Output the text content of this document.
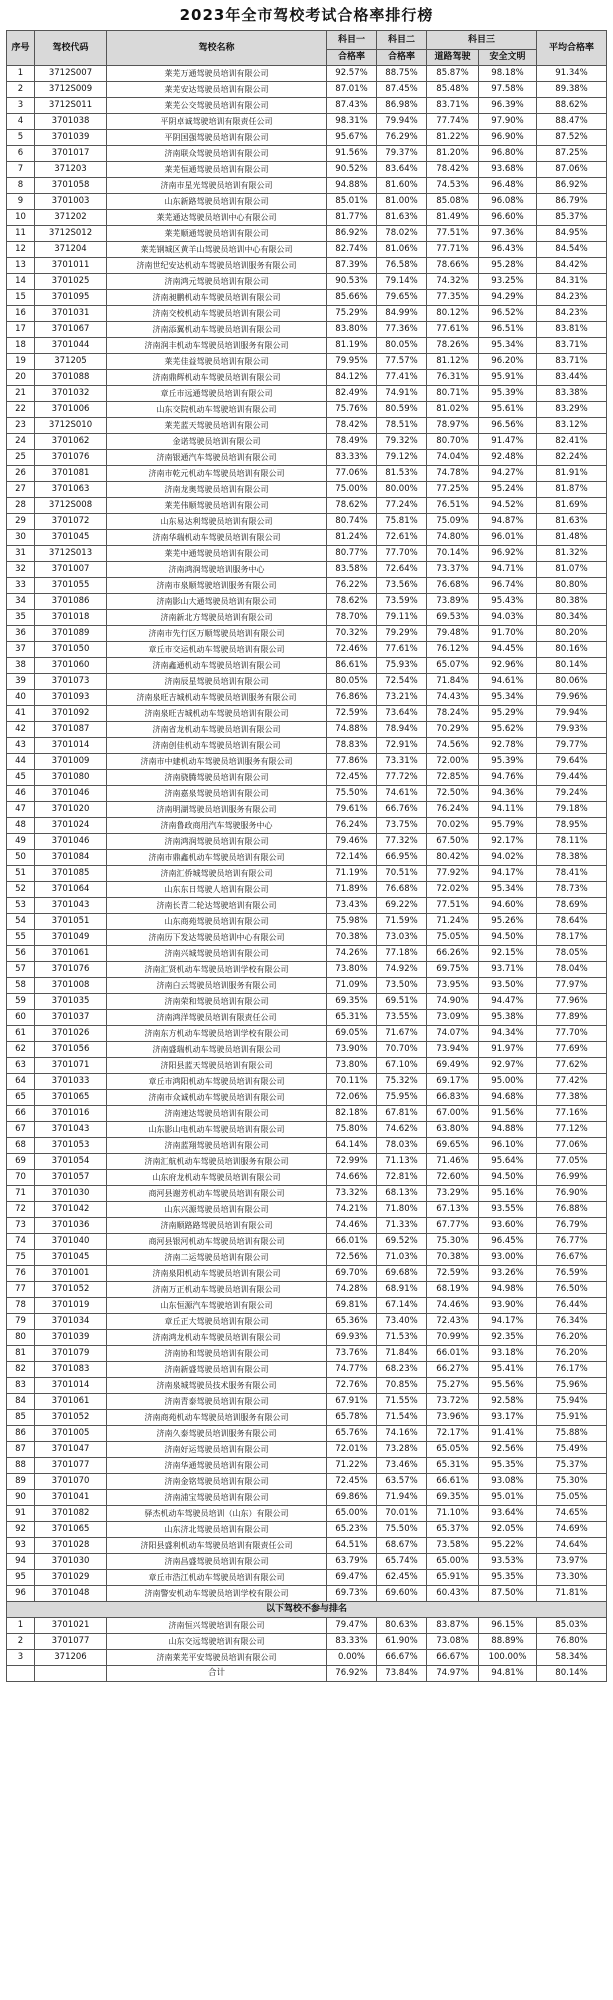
2023年全市驾校考试合格率排行榜
序号	驾校代码	驾校名称	科目一	科目二	科目三		平均合格率
			合格率	合格率	道路驾驶	安全文明	
1	3712S007	莱芜万通驾驶员培训有限公司	92.57%	88.75%	85.87%	98.18%	91.34%
2	3712S009	莱芜安达驾驶员培训有限公司	87.01%	87.45%	85.48%	97.58%	89.38%
3	3712S011	莱芜公交驾驶员培训有限公司	87.43%	86.98%	83.71%	96.39%	88.62%
4	3701038	平阴卓诚驾驶培训有限责任公司	98.31%	79.94%	77.74%	97.90%	88.47%
5	3701039	平阴国强驾驶员培训有限公司	95.67%	76.29%	81.22%	96.90%	87.52%
6	3701017	济南联众驾驶员培训有限公司	91.56%	79.37%	81.20%	96.80%	87.25%
7	371203	莱芜恒通驾驶员培训有限公司	90.52%	83.64%	78.42%	93.68%	87.06%
8	3701058	济南市星光驾驶员培训有限公司	94.88%	81.60%	74.53%	96.48%	86.92%
9	3701003	山东新路驾驶员培训有限公司	85.01%	81.00%	85.08%	96.08%	86.79%
10	371202	莱芜通达驾驶员培训中心有限公司	81.77%	81.63%	81.49%	96.60%	85.37%
11	3712S012	莱芜顺通驾驶员培训有限公司	86.92%	78.02%	77.51%	97.36%	84.95%
12	371204	莱芜钢城区黄羊山驾驶员培训中心有限公司	82.74%	81.06%	77.71%	96.43%	84.54%
13	3701011	济南世纪安达机动车驾驶员培训服务有限公司	87.39%	76.58%	78.66%	95.28%	84.42%
14	3701025	济南鸿元驾驶员培训有限公司	90.53%	79.14%	74.32%	93.25%	84.31%
15	3701095	济南昶鹏机动车驾驶员培训有限公司	85.66%	79.65%	77.35%	94.29%	84.23%
16	3701031	济南交校机动车驾驶员培训有限公司	75.29%	84.99%	80.12%	96.52%	84.23%
17	3701067	济南添翼机动车驾驶员培训有限公司	83.80%	77.36%	77.61%	96.51%	83.81%
18	3701044	济南润丰机动车驾驶员培训服务有限公司	81.19%	80.05%	78.26%	95.34%	83.71%
19	371205	莱芜佳益驾驶员培训有限公司	79.95%	77.57%	81.12%	96.20%	83.71%
20	3701088	济南鼎辉机动车驾驶员培训有限公司	84.12%	77.41%	76.31%	95.91%	83.44%
21	3701032	章丘市远通驾驶员培训有限公司	82.49%	74.91%	80.71%	95.39%	83.38%
22	3701006	山东交院机动车驾驶培训有限公司	75.76%	80.59%	81.02%	95.61%	83.29%
23	3712S010	莱芜蓝天驾驶员培训有限公司	78.42%	78.51%	78.97%	96.56%	83.12%
24	3701062	金诺驾驶员培训有限公司	78.49%	79.32%	80.70%	91.47%	82.41%
25	3701076	济南银通汽车驾驶员培训有限公司	83.33%	79.12%	74.04%	92.48%	82.24%
26	3701081	济南市乾元机动车驾驶员培训有限公司	77.06%	81.53%	74.78%	94.27%	81.91%
27	3701063	济南龙奥驾驶员培训有限公司	75.00%	80.00%	77.25%	95.24%	81.87%
28	3712S008	莱芜伟顺驾驶员培训有限公司	78.62%	77.24%	76.51%	94.52%	81.69%
29	3701072	山东易达利驾驶员培训有限公司	80.74%	75.81%	75.09%	94.87%	81.63%
30	3701045	济南华瑞机动车驾驶员培训有限公司	81.24%	72.61%	74.80%	96.01%	81.48%
31	3712S013	莱芜中通驾驶员培训有限公司	80.77%	77.70%	70.14%	96.92%	81.32%
32	3701007	济南鸿润驾驶培训服务中心	83.58%	72.64%	73.37%	94.71%	81.07%
33	3701055	济南市泉顺驾驶培训服务有限公司	76.22%	73.56%	76.68%	96.74%	80.80%
34	3701086	济南影山大通驾驶员培训有限公司	78.62%	73.59%	73.89%	95.43%	80.38%
35	3701018	济南新北方驾驶员培训有限公司	78.70%	79.11%	69.53%	94.03%	80.34%
36	3701089	济南市先行区万顺驾驶员培训有限公司	70.32%	79.29%	79.48%	91.70%	80.20%
37	3701050	章丘市交运机动车驾驶员培训有限公司	72.46%	77.61%	76.12%	94.45%	80.16%
38	3701060	济南鑫通机动车驾驶员培训有限公司	86.61%	75.93%	65.07%	92.96%	80.14%
39	3701073	济南辰星驾驶员培训有限公司	80.05%	72.54%	71.84%	94.61%	80.06%
40	3701093	济南泉旺吉城机动车驾驶员培训服务有限公司	76.86%	73.21%	74.43%	95.34%	79.96%
41	3701092	济南泉旺吉城机动车驾驶员培训有限公司	72.59%	73.64%	78.24%	95.29%	79.94%
42	3701087	济南省龙机动车驾驶员培训有限公司	74.88%	78.94%	70.29%	95.62%	79.93%
43	3701014	济南创佳机动车驾驶员培训有限公司	78.83%	72.91%	74.56%	92.78%	79.77%
44	3701009	济南市中建机动车驾驶员培训服务有限公司	77.86%	73.31%	72.00%	95.39%	79.64%
45	3701080	济南骁腾驾驶员培训有限公司	72.45%	77.72%	72.85%	94.76%	79.44%
46	3701046	济南嘉泉驾驶员培训有限公司	75.50%	74.61%	72.50%	94.36%	79.24%
47	3701020	济南明湖驾驶员培训服务有限公司	79.61%	66.76%	76.24%	94.11%	79.18%
48	3701024	济南鲁政商用汽车驾驶服务中心	76.24%	73.75%	70.02%	95.79%	78.95%
49	3701046	济南鸿润驾驶员培训有限公司	79.46%	77.32%	67.50%	92.17%	78.11%
50	3701084	济南市鼎鑫机动车驾驶员培训有限公司	72.14%	66.95%	80.42%	94.02%	78.38%
51	3701085	济南汇侨城驾驶员培训有限公司	71.19%	70.51%	77.92%	94.17%	78.41%
52	3701064	山东东日驾驶人培训有限公司	71.89%	76.68%	72.02%	95.34%	78.73%
53	3701043	济南长青二轮达驾驶培训有限公司	73.43%	69.22%	77.51%	94.60%	78.69%
54	3701051	山东商苑驾驶员培训有限公司	75.98%	71.59%	71.24%	95.26%	78.64%
55	3701049	济南历下发达驾驶员培训中心有限公司	70.38%	73.03%	75.05%	94.50%	78.17%
56	3701061	济南兴城驾驶员培训有限公司	74.26%	77.18%	66.26%	92.15%	78.05%
57	3701076	济南汇贤机动车驾驶员培训学校有限公司	73.80%	74.92%	69.75%	93.71%	78.04%
58	3701008	济南白云驾驶员培训服务有限公司	71.09%	73.50%	73.95%	93.50%	77.97%
59	3701035	济南荣和驾驶员培训有限公司	69.35%	69.51%	74.90%	94.47%	77.96%
60	3701037	济南鸿洋驾驶员培训有限责任公司	65.31%	73.55%	73.09%	95.38%	77.89%
61	3701026	济南东方机动车驾驶员培训学校有限公司	69.05%	71.67%	74.07%	94.34%	77.70%
62	3701056	济南盛瑞机动车驾驶员培训有限公司	73.90%	70.70%	73.94%	91.97%	77.69%
63	3701071	济阳县蓝天驾驶员培训有限公司	73.80%	67.10%	69.49%	92.97%	77.62%
64	3701033	章丘市鸿阳机动车驾驶员培训有限公司	70.11%	75.32%	69.17%	95.00%	77.42%
65	3701065	济南市众诚机动车驾驶员培训有限公司	72.06%	75.95%	66.83%	94.68%	77.38%
66	3701016	济南速达驾驶员培训有限公司	82.18%	67.81%	67.00%	91.56%	77.16%
67	3701043	山东影山电机动车驾驶员培训有限公司	75.80%	74.62%	63.80%	94.88%	77.12%
68	3701053	济南蓝翔驾驶员培训有限公司	64.14%	78.03%	69.65%	96.10%	77.06%
69	3701054	济南汇航机动车驾驶员培训服务有限公司	72.99%	71.13%	71.46%	95.64%	77.05%
70	3701057	山东府龙机动车驾驶员培训有限公司	74.66%	72.81%	72.60%	94.50%	76.99%
71	3701030	商河县谢芳机动车驾驶员培训有限公司	73.32%	68.13%	73.29%	95.16%	76.90%
72	3701042	山东兴源驾驶员培训有限公司	74.21%	71.80%	67.13%	93.55%	76.88%
73	3701036	济南顺路路驾驶员培训有限公司	74.46%	71.33%	67.77%	93.60%	76.79%
74	3701040	商河县银河机动车驾驶员培训有限公司	66.01%	69.52%	75.30%	96.45%	76.77%
75	3701045	济南二运驾驶员培训有限公司	72.56%	71.03%	70.38%	93.00%	76.67%
76	3701001	济南泉阳机动车驾驶员培训有限公司	69.70%	69.68%	72.59%	93.26%	76.59%
77	3701052	济南万正机动车驾驶员培训有限公司	74.28%	68.91%	68.19%	94.98%	76.50%
78	3701019	山东恒源汽车驾驶培训有限公司	69.81%	67.14%	74.46%	93.90%	76.44%
79	3701034	章丘正大驾驶员培训有限公司	65.36%	73.40%	72.43%	94.17%	76.34%
80	3701039	济南鸿龙机动车驾驶员培训有限公司	69.93%	71.53%	70.99%	92.35%	76.20%
81	3701079	济南协和驾驶员培训有限公司	73.76%	71.84%	66.01%	93.18%	76.20%
82	3701083	济南新盛驾驶员培训有限公司	74.77%	68.23%	66.27%	95.41%	76.17%
83	3701014	济南泉城驾驶员技术服务有限公司	72.76%	70.85%	75.27%	95.56%	75.96%
84	3701061	济南青泰驾驶员培训有限公司	67.91%	71.55%	73.72%	92.58%	75.94%
85	3701052	济南商苑机动车驾驶员培训服务有限公司	65.78%	71.54%	73.96%	93.17%	75.91%
86	3701005	济南久泰驾驶员培训服务有限公司	65.76%	74.16%	72.17%	91.41%	75.88%
87	3701047	济南好运驾驶员培训有限公司	72.01%	73.28%	65.05%	92.56%	75.49%
88	3701077	济南华通驾驶员培训有限公司	71.22%	73.46%	65.31%	95.35%	75.37%
89	3701070	济南金铭驾驶员培训有限公司	72.45%	63.57%	66.61%	93.08%	75.30%
90	3701041	济南浦宝驾驶员培训有限公司	69.86%	71.94%	69.35%	95.01%	75.05%
91	3701082	驿杰机动车驾驶员培训（山东）有限公司	65.00%	70.01%	71.10%	93.64%	74.65%
92	3701065	山东济北驾驶员培训有限公司	65.23%	75.50%	65.37%	92.05%	74.69%
93	3701028	济阳县盛利机动车驾驶员培训有限责任公司	64.51%	68.67%	73.58%	95.22%	74.64%
94	3701030	济南昌盛驾驶员培训有限公司	63.79%	65.74%	65.00%	93.53%	73.97%
95	3701029	章丘市浩江机动车驾驶员培训有限公司	69.47%	62.45%	65.91%	95.35%	73.30%
96	3701048	济南警安机动车驾驶员培训学校有限公司	69.73%	69.60%	60.43%	87.50%	71.81%
以下驾校不参与排名							
1	3701021	济南恒兴驾驶培训有限公司	79.47%	80.63%	83.87%	96.15%	85.03%
2	3701077	山东交远驾驶培训有限公司	83.33%	61.90%	73.08%	88.89%	76.80%
3	371206	济南莱芜平安驾驶员培训有限公司	0.00%	66.67%	66.67%	100.00%	58.34%
		合计	76.92%	73.84%	74.97%	94.81%	80.14%
